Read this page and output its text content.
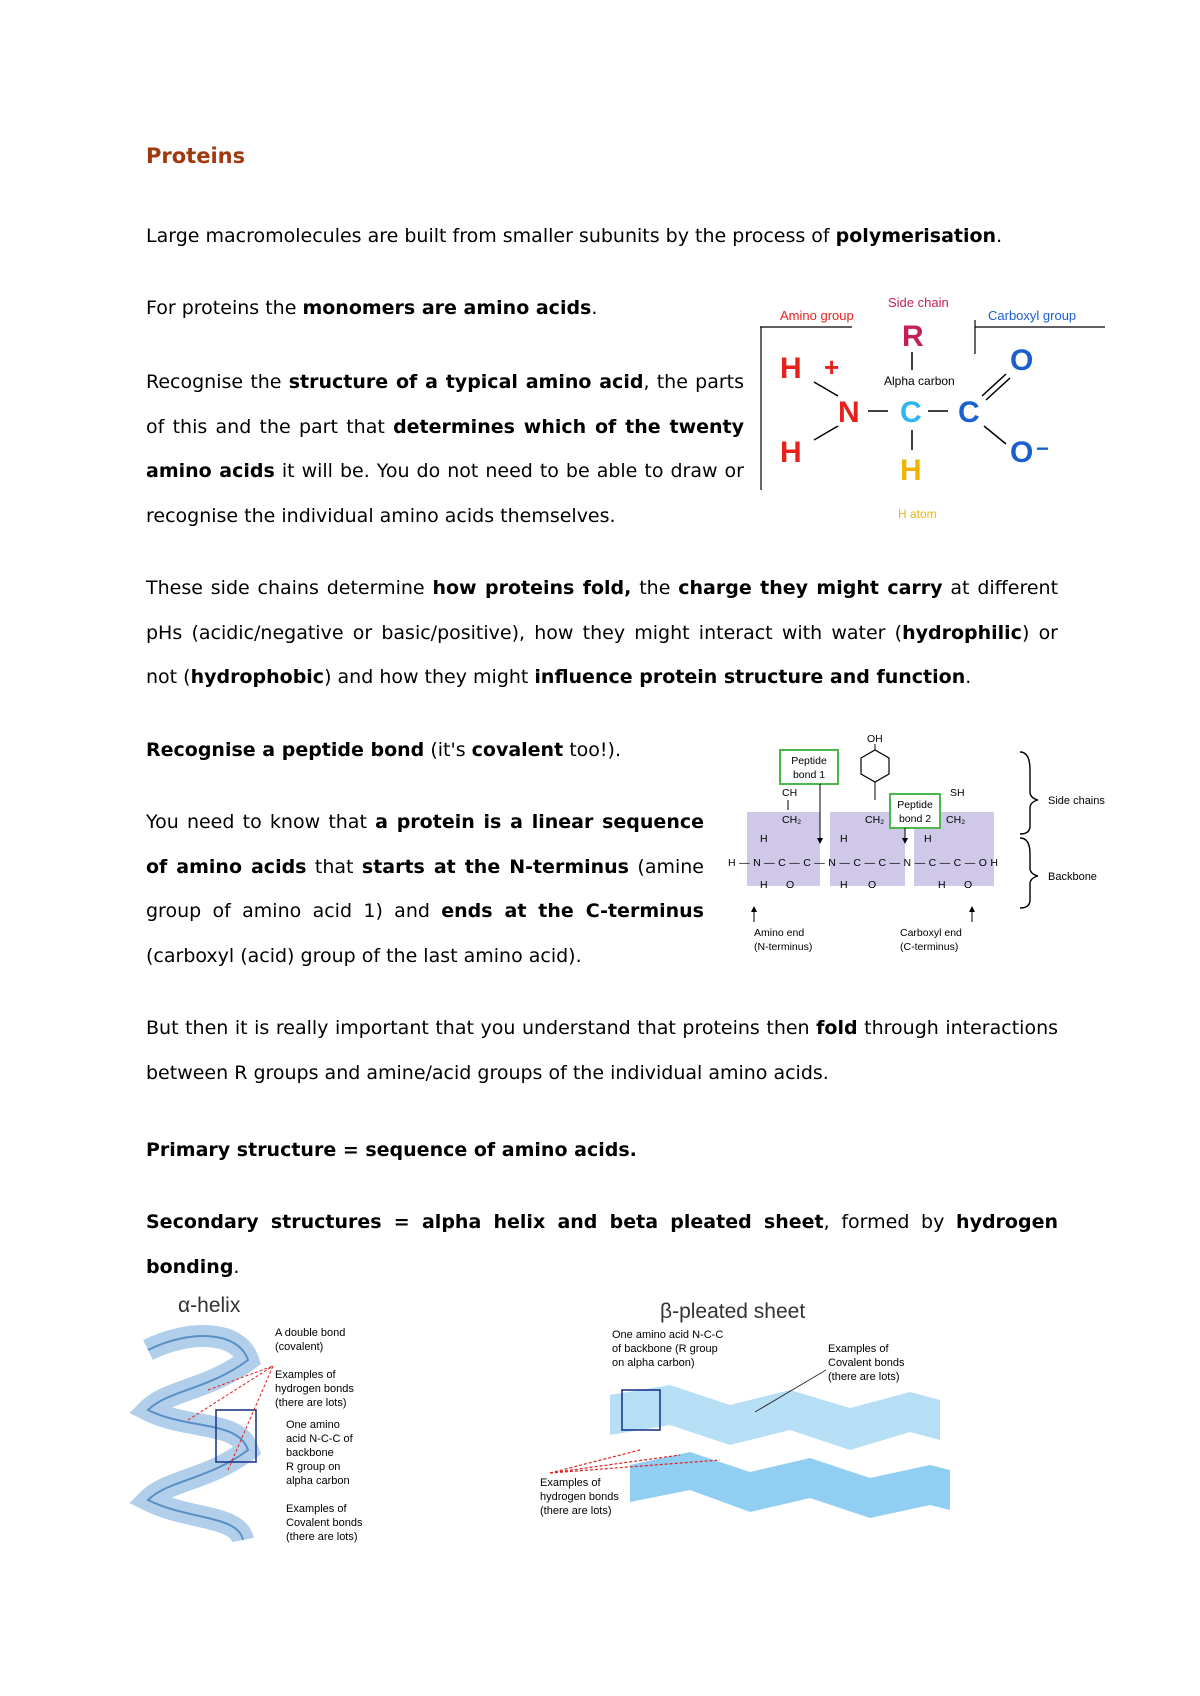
Proteins

Large macromolecules are built from smaller subunits by the process of polymerisation.

For proteins the monomers are amino acids.

Recognise the structure of a typical amino acid, the parts of this and the part that determines which of the twenty amino acids it will be. You do not need to be able to draw or recognise the individual amino acids themselves.

These side chains determine how proteins fold, the charge they might carry at different pHs (acidic/negative or basic/positive), how they might interact with water (hydrophilic) or not (hydrophobic) and how they might influence protein structure and function.

Recognise a peptide bond (it's covalent too!).

You need to know that a protein is a linear sequence of amino acids that starts at the N-terminus (amine group of amino acid 1) and ends at the C-terminus (carboxyl (acid) group of the last amino acid).

But then it is really important that you understand that proteins then fold through interactions between R groups and amine/acid groups of the individual amino acids.

Primary structure = sequence of amino acids.

Secondary structures = alpha helix and beta pleated sheet, formed by hydrogen bonding.

Amino group
Side chain
Carboxyl group
R
Alpha carbon
H +
N
H
C C
H
H atom
O
O −
Peptide
bond 1
Peptide
bond 2
OH
CH
CH₂	CH₂
SH
CH₂
H	H	H
H—N—C—C—N—C—C—N—C—C—OH
H O	H O	H O
Side chains
Backbone
Amino end
(N-terminus)
Carboxyl end
(C-terminus)
α-helix
A double bond
(covalent)
Examples of
hydrogen bonds
(there are lots)
One amino
acid N-C-C of
backbone
R group on
alpha carbon
Examples of
Covalent bonds
(there are lots)
β-pleated sheet
One amino acid N-C-C
of backbone (R group
on alpha carbon)
Examples of
Covalent bonds
(there are lots)
Examples of
hydrogen bonds
(there are lots)
